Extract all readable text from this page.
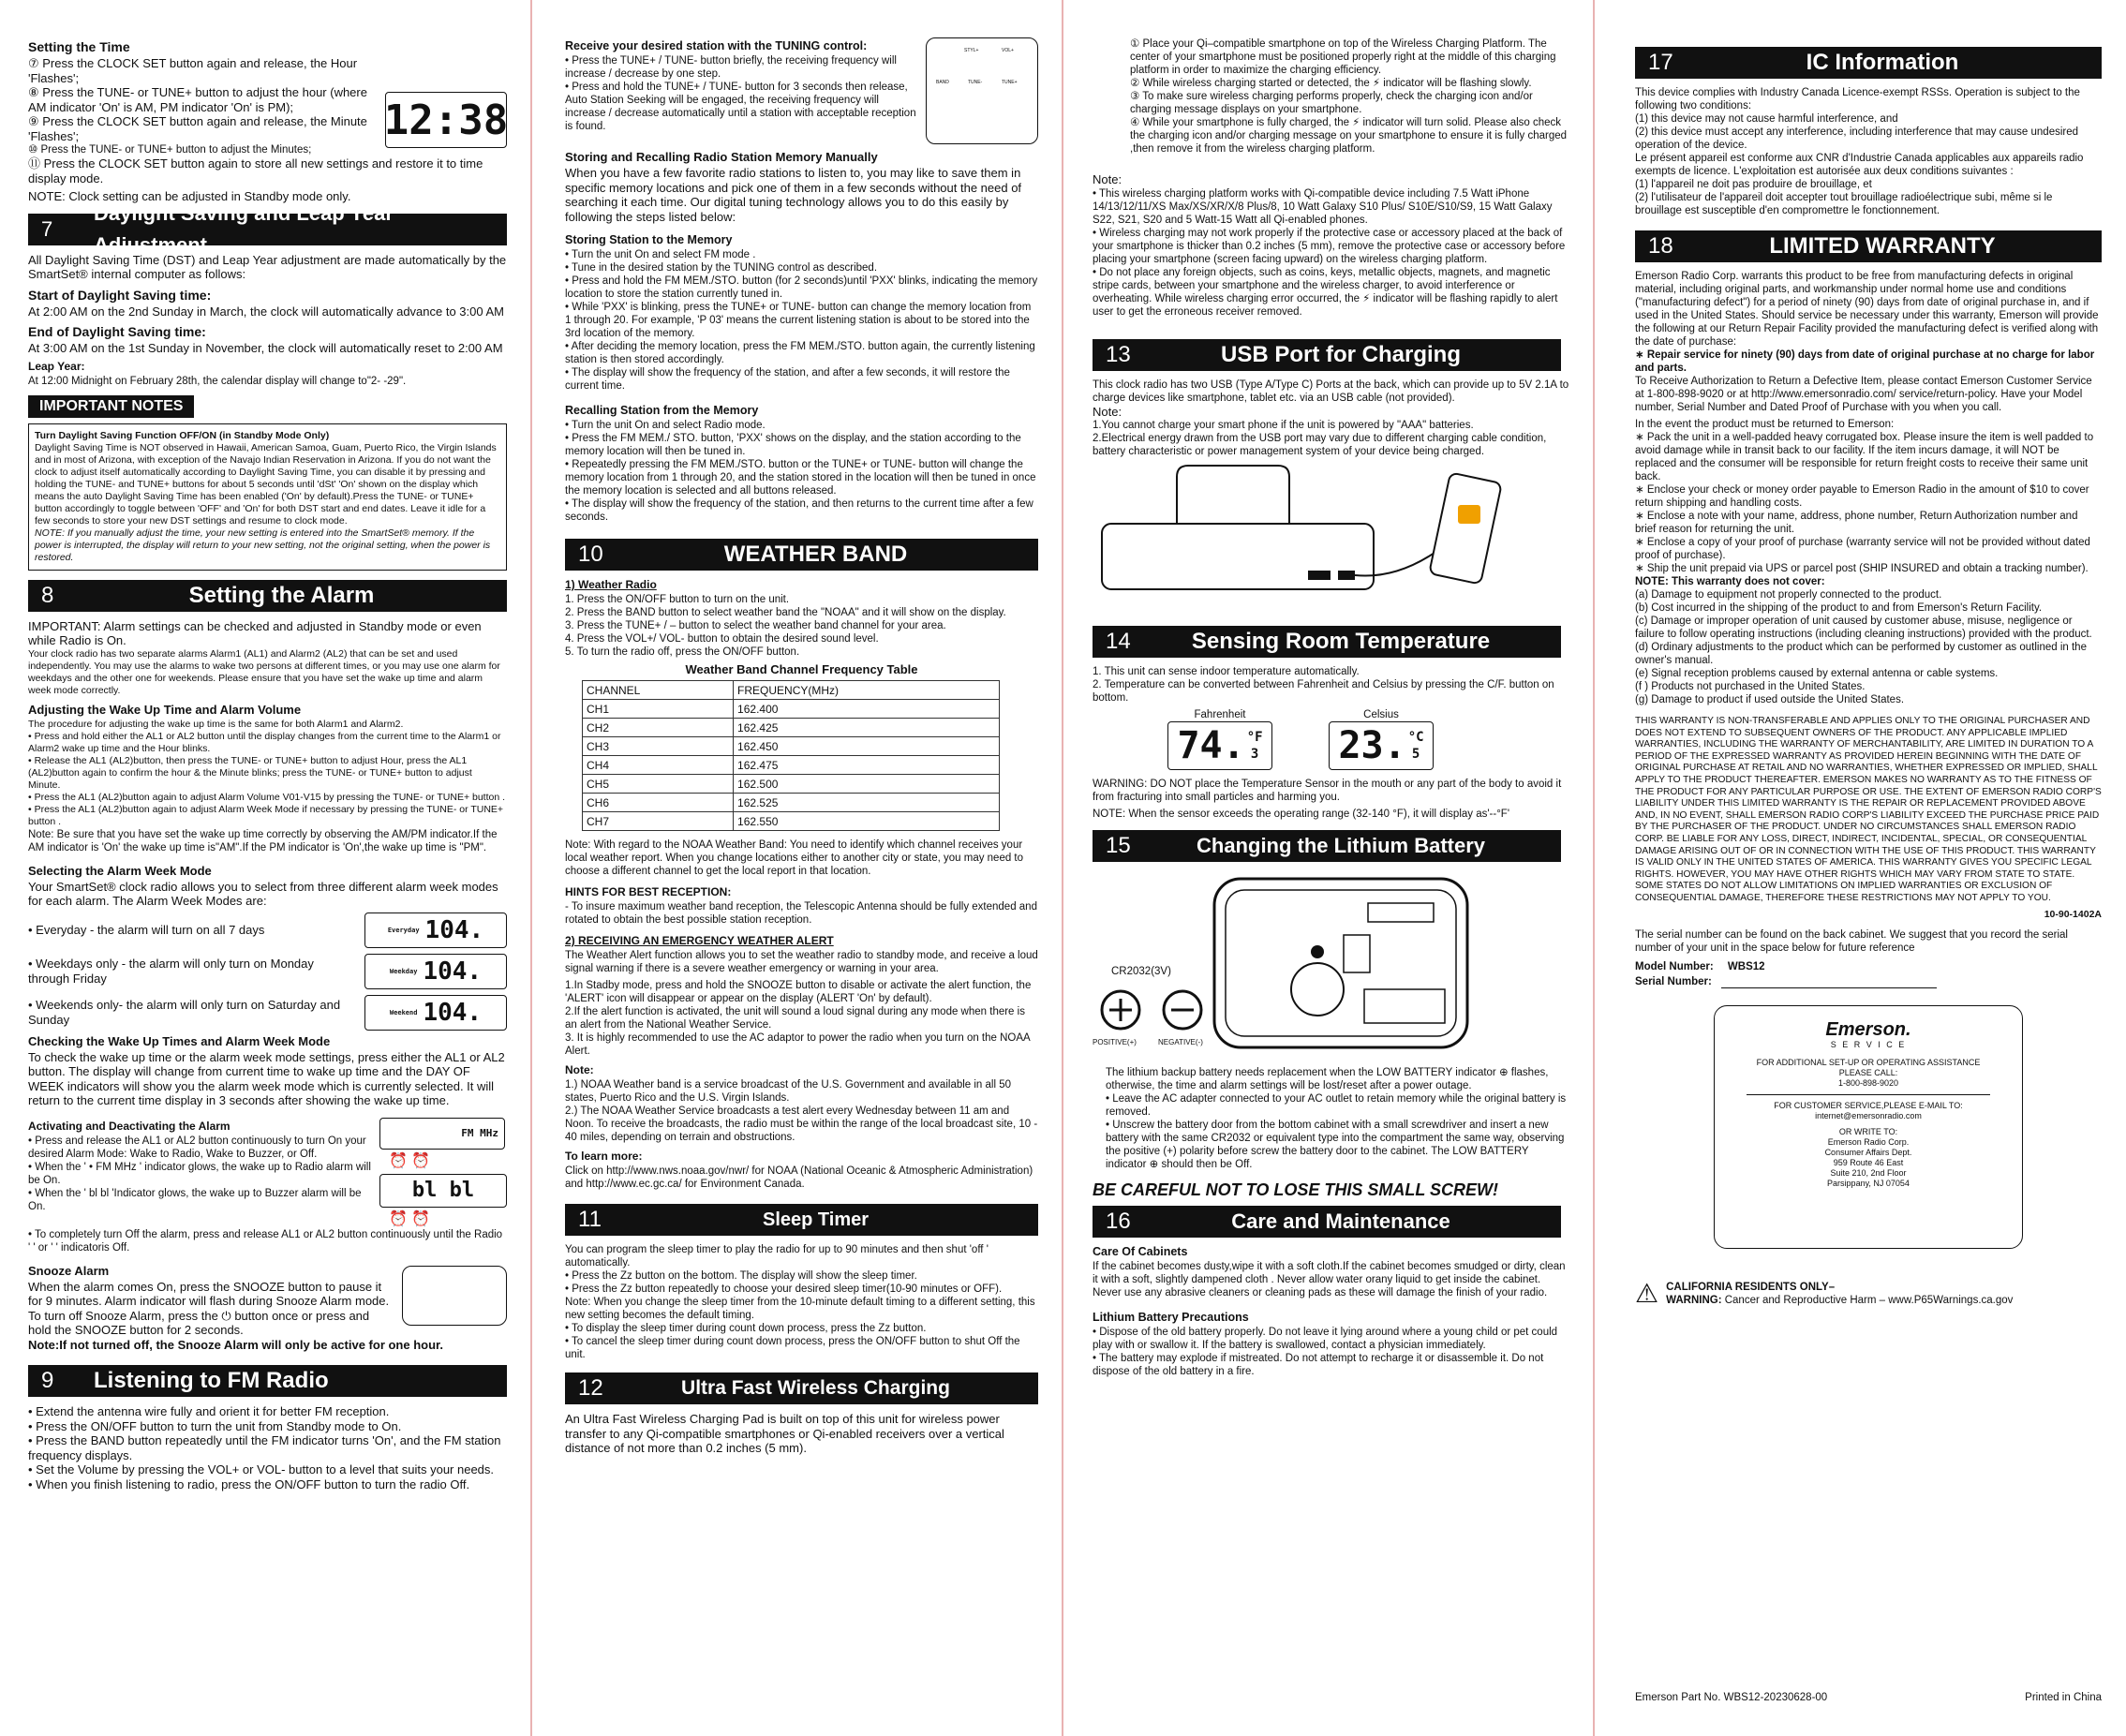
Setting the Time

⑦ Press the CLOCK SET button again and release, the Hour 'Flashes';

⑧ Press the TUNE- or TUNE+ button to adjust the hour (where AM indicator 'On' is AM, PM indicator 'On' is PM);

⑨ Press the CLOCK SET button again and release, the Minute 'Flashes';

⑩ Press the TUNE- or TUNE+ button to adjust the Minutes;

12:38

⑪ Press the CLOCK SET button again to store all new settings and restore it to time display mode.

NOTE: Clock setting can be adjusted in Standby mode only.

7
Daylight Saving and Leap Year Adjustment

All Daylight Saving Time (DST) and Leap Year adjustment are made automatically by the SmartSet® internal computer as follows:

Start of Daylight Saving time:

At 2:00 AM on the 2nd Sunday in March, the clock will automatically advance to 3:00 AM

End of Daylight Saving time:

At 3:00 AM on the 1st Sunday in November, the clock will automatically reset to 2:00 AM

Leap Year:

At 12:00 Midnight on February 28th, the calendar display will change to"2- -29".

IMPORTANT NOTES
Turn Daylight Saving Function OFF/ON (in Standby Mode Only)

Daylight Saving Time is NOT observed in Hawaii, American Samoa, Guam, Puerto Rico, the Virgin Islands and in most of Arizona, with exception of the Navajo Indian Reservation in Arizona. If you do not want the clock to adjust itself automatically according to Daylight Saving Time, you can disable it by pressing and holding the TUNE- and TUNE+ buttons for about 5 seconds until 'dSt' 'On' shown on the display which means the auto Daylight Saving Time has been enabled ('On' by default).Press the TUNE- or TUNE+ button accordingly to toggle between 'OFF' and 'On' for both DST start and end dates. Leave it idle for a few seconds to store your new DST settings and resume to clock mode.

NOTE: If you manually adjust the time, your new setting is entered into the SmartSet® memory. If the power is interrupted, the display will return to your new setting, not the original setting, when the power is restored.

8	Setting the Alarm

IMPORTANT: Alarm settings can be checked and adjusted in Standby mode or even while Radio is On.

Your clock radio has two separate alarms Alarm1 (AL1) and Alarm2 (AL2) that can be set and used independently. You may use the alarms to wake two persons at different times, or you may use one alarm for weekdays and the other one for weekends. Please ensure that you have set the wake up time and alarm week mode correctly.

Adjusting the Wake Up Time and Alarm Volume

The procedure for adjusting the wake up time is the same for both Alarm1 and Alarm2.

• Press and hold either the AL1 or AL2 button until the display changes from the current time to the Alarm1 or Alarm2 wake up time and the Hour blinks.

• Release the AL1 (AL2)button, then press the TUNE- or TUNE+ button to adjust Hour, press the AL1 (AL2)button again to confirm the hour & the Minute blinks; press the TUNE- or TUNE+ button to adjust Minute.

• Press the AL1 (AL2)button again to adjust Alarm Volume V01-V15 by pressing the TUNE- or TUNE+ button .

• Press the AL1 (AL2)button again to adjust Alarm Week Mode if necessary by pressing the TUNE- or TUNE+ button .

Note: Be sure that you have set the wake up time correctly by observing the AM/PM indicator.If the AM indicator is 'On' the wake up time is"AM".If the PM indicator is 'On',the wake up time is "PM".

Selecting the Alarm Week Mode

Your SmartSet® clock radio allows you to select from three different alarm week modes for each alarm. The Alarm Week Modes are:

• Everyday - the alarm will turn on all 7 days	Everyday 104.

• Weekdays only - the alarm will only turn on Monday through Friday	Weekday 104.

• Weekends only- the alarm will only turn on Saturday and Sunday	Weekend 104.
Checking the Wake Up Times and Alarm Week Mode

To check the wake up time or the alarm week mode settings, press either the AL1 or AL2 button. The display will change from current time to wake up time and the DAY OF WEEK indicators will show you the alarm week mode which is currently selected. It will return to the current time display in 3 seconds after showing the wake up time.

Activating and Deactivating the Alarm

• Press and release the AL1 or AL2 button continuously to turn On your desired Alarm Mode: Wake to Radio, Wake to Buzzer, or Off.

• When the ' • FM MHz ' indicator glows, the wake up to Radio alarm will be On.

• When the ' bl bl 'Indicator glows, the wake up to Buzzer alarm will be On.

FM MHz
⏰ ⏰
bl bl
⏰ ⏰

• To completely turn Off the alarm, press and release AL1 or AL2 button continuously until the Radio ' ' or ' ' indicatoris Off.

Snooze Alarm

When the alarm comes On, press the SNOOZE button to pause it for 9 minutes. Alarm indicator will flash during Snooze Alarm mode. To turn off Snooze Alarm, press the ⏻ button once or press and hold the SNOOZE button for 2 seconds.

Note:If not turned off, the Snooze Alarm will only be active for one hour.

9	Listening to FM Radio

• Extend the antenna wire fully and orient it for better FM reception.

• Press the ON/OFF button to turn the unit from Standby mode to On.

• Press the BAND button repeatedly until the FM indicator turns 'On', and the FM station frequency displays.

• Set the Volume by pressing the VOL+ or VOL- button to a level that suits your needs.

• When you finish listening to radio, press the ON/OFF button to turn the radio Off.

Receive your desired station with the TUNING control:

• Press the TUNE+ / TUNE- button briefly, the receiving frequency will increase / decrease by one step.
• Press and hold the TUNE+ / TUNE- button for 3 seconds then release, Auto Station Seeking will be engaged, the receiving frequency will increase / decrease automatically until a station with acceptable reception is found.

STYL+	VOL+
BAND	TUNE-	TUNE+
Storing and Recalling Radio Station Memory Manually

When you have a few favorite radio stations to listen to, you may like to save them in specific memory locations and pick one of them in a few seconds without the need of searching it each time. Our digital tuning technology allows you to do this easily by following the steps listed below:

Storing Station to the Memory

• Turn the unit On and select FM mode .

• Tune in the desired station by the TUNING control as described.

• Press and hold the FM MEM./STO. button (for 2 seconds)until 'PXX' blinks, indicating the memory location to store the station currently tuned in.

• While 'PXX' is blinking, press the TUNE+ or TUNE- button can change the memory location from 1 through 20. For example, 'P 03' means the current listening station is about to be stored into the 3rd location of the memory.

• After deciding the memory location, press the FM MEM./STO. button again, the currently listening station is then stored accordingly.

• The display will show the frequency of the station, and after a few seconds, it will restore the current time.

Recalling Station from the Memory

• Turn the unit On and select Radio mode.

• Press the FM MEM./ STO. button, 'PXX' shows on the display, and the station according to the memory location will then be tuned in.

• Repeatedly pressing the FM MEM./STO. button or the TUNE+ or TUNE- button will change the memory location from 1 through 20, and the station stored in the location will then be tuned in once the memory location is selected and all buttons released.

• The display will show the frequency of the station, and then returns to the current time after a few seconds.

10	WEATHER BAND
1) Weather Radio

1. Press the ON/OFF button to turn on the unit.

2. Press the BAND button to select weather band the "NOAA" and it will show on the display.

3. Press the TUNE+ / – button to select the weather band channel for your area.

4. Press the VOL+/ VOL- button to obtain the desired sound level.

5. To turn the radio off, press the ON/OFF button.

Weather Band Channel Frequency Table
CHANNEL	FREQUENCY(MHz)
CH1	162.400
CH2	162.425
CH3	162.450
CH4	162.475
CH5	162.500
CH6	162.525
CH7	162.550

Note: With regard to the NOAA Weather Band: You need to identify which channel receives your local weather report. When you change locations either to another city or state, you may need to choose a different channel to get the local report in that location.

HINTS FOR BEST RECEPTION:

- To insure maximum weather band reception, the Telescopic Antenna should be fully extended and rotated to obtain the best possible station reception.

2) RECEIVING AN EMERGENCY WEATHER ALERT

The Weather Alert function allows you to set the weather radio to standby mode, and receive a loud signal warning if there is a severe weather emergency or warning in your area.

1.In Stadby mode, press and hold the SNOOZE button to disable or activate the alert function, the 'ALERT' icon will disappear or appear on the display (ALERT 'On' by default).

2.If the alert function is activated, the unit will sound a loud signal during any mode when there is an alert from the National Weather Service.

3. It is highly recommended to use the AC adaptor to power the radio when you turn on the NOAA Alert.

Note:

1.) NOAA Weather band is a service broadcast of the U.S. Government and available in all 50 states, Puerto Rico and the U.S. Virgin Islands.

2.) The NOAA Weather Service broadcasts a test alert every Wednesday between 11 am and Noon. To receive the broadcasts, the radio must be within the range of the local broadcast site, 10 - 40 miles, depending on terrain and obstructions.

To learn more:

Click on http://www.nws.noaa.gov/nwr/ for NOAA (National Oceanic & Atmospheric Administration) and http://www.ec.gc.ca/ for Environment Canada.

11	Sleep Timer

You can program the sleep timer to play the radio for up to 90 minutes and then shut 'off ' automatically.

• Press the Zz button on the bottom. The display will show the sleep timer.

• Press the Zz button repeatedly to choose your desired sleep timer(10-90 minutes or OFF).

Note: When you change the sleep timer from the 10-minute default timing to a different setting, this new setting becomes the default timing.

• To display the sleep timer during count down process, press the Zz button.

• To cancel the sleep timer during count down process, press the ON/OFF button to shut Off the unit.

12	Ultra Fast Wireless Charging

An Ultra Fast Wireless Charging Pad is built on top of this unit for wireless power transfer to any Qi-compatible smartphones or Qi-enabled receivers over a vertical distance of not more than 0.2 inches (5 mm).

① Place your Qi–compatible smartphone on top of the Wireless Charging Platform. The center of your smartphone must be positioned properly right at the middle of this charging platform in order to maximize the charging efficiency.

② While wireless charging started or detected, the ⚡ indicator will be flashing slowly.

③ To make sure wireless charging performs properly, check the charging icon and/or charging message displays on your smartphone.

④ While your smartphone is fully charged, the ⚡ indicator will turn solid. Please also check the charging icon and/or charging message on your smartphone to ensure it is fully charged ,then remove it from the wireless charging platform.

Note:

• This wireless charging platform works with Qi-compatible device including 7.5 Watt iPhone 14/13/12/11/XS Max/XS/XR/X/8 Plus/8, 10 Watt Galaxy S10 Plus/ S10E/S10/S9, 15 Watt Galaxy S22, S21, S20 and 5 Watt-15 Watt all Qi-enabled phones.

• Wireless charging may not work properly if the protective case or accessory placed at the back of your smartphone is thicker than 0.2 inches (5 mm), remove the protective case or accessory before placing your smartphone (screen facing upward) on the wireless charging platform.

• Do not place any foreign objects, such as coins, keys, metallic objects, magnets, and magnetic stripe cards, between your smartphone and the wireless charger, to avoid interference or overheating. While wireless charging error occurred, the ⚡ indicator will be flashing rapidly to alert user to get the erroneous receiver removed.

13	USB Port for Charging

This clock radio has two USB (Type A/Type C) Ports at the back, which can provide up to 5V 2.1A to charge devices like smartphone, tablet etc. via an USB cable (not provided).

Note:

1.You cannot charge your smart phone if the unit is powered by "AAA" batteries.

2.Electrical energy drawn from the USB port may vary due to different charging cable condition, battery characteristic or power management system of your device being charged.

14	Sensing Room Temperature

1. This unit can sense indoor temperature automatically.

2. Temperature can be converted between Fahrenheit and Celsius by pressing the C/F. button on bottom.

Fahrenheit
74. °F
3
Celsius
23. °C
5

WARNING: DO NOT place the Temperature Sensor in the mouth or any part of the body to avoid it from fracturing into small particles and harming you.

NOTE: When the sensor exceeds the operating range (32-140 °F), it will display as'--°F'

15	Changing the Lithium Battery
CR2032(3V)
POSITIVE(+)	NEGATIVE(-)

The lithium backup battery needs replacement when the LOW BATTERY indicator ⊕ flashes, otherwise, the time and alarm settings will be lost/reset after a power outage.

• Leave the AC adapter connected to your AC outlet to retain memory while the original battery is removed.

• Unscrew the battery door from the bottom cabinet with a small screwdriver and insert a new battery with the same CR2032 or equivalent type into the compartment the same way, observing the positive (+) polarity before screw the battery door to the cabinet. The LOW BATTERY indicator ⊕ should then be Off.

BE CAREFUL NOT TO LOSE THIS SMALL SCREW!
16	Care and Maintenance
Care Of Cabinets

If the cabinet becomes dusty,wipe it with a soft cloth.If the cabinet becomes smudged or dirty, clean it with a soft, slightly dampened cloth . Never allow water orany liquid to get inside the cabinet. Never use any abrasive cleaners or cleaning pads as these will damage the finish of your radio.

Lithium Battery Precautions

• Dispose of the old battery properly. Do not leave it lying around where a young child or pet could play with or swallow it. If the battery is swallowed, contact a physician immediately.

• The battery may explode if mistreated. Do not attempt to recharge it or disassemble it. Do not dispose of the old battery in a fire.

17	IC Information

This device complies with Industry Canada Licence-exempt RSSs. Operation is subject to the following two conditions:
(1) this device may not cause harmful interference, and
(2) this device must accept any interference, including interference that may cause undesired operation of the device.
Le présent appareil est conforme aux CNR d'Industrie Canada applicables aux appareils radio exempts de licence. L'exploitation est autorisée aux deux conditions suivantes :
(1) l'appareil ne doit pas produire de brouillage, et
(2) l'utilisateur de l'appareil doit accepter tout brouillage radioélectrique subi, même si le brouillage est susceptible d'en compromettre le fonctionnement.

18	LIMITED WARRANTY

Emerson Radio Corp. warrants this product to be free from manufacturing defects in original material, including original parts, and workmanship under normal home use and conditions ("manufacturing defect") for a period of ninety (90) days from date of original purchase in, and if used in the United States. Should service be necessary under this warranty, Emerson will provide the following at our Return Repair Facility provided the manufacturing defect is verified along with the date of purchase:

∗ Repair service for ninety (90) days from date of original purchase at no charge for labor and parts.

To Receive Authorization to Return a Defective Item, please contact Emerson Customer Service at 1-800-898-9020 or at http://www.emersonradio.com/ service/return-policy. Have your Model number, Serial Number and Dated Proof of Purchase with you when you call.

In the event the product must be returned to Emerson:

∗ Pack the unit in a well-padded heavy corrugated box. Please insure the item is well padded to avoid damage while in transit back to our facility. If the item incurs damage, it will NOT be replaced and the consumer will be responsible for return freight costs to receive their same unit back.

∗ Enclose your check or money order payable to Emerson Radio in the amount of $10 to cover return shipping and handling costs.

∗ Enclose a note with your name, address, phone number, Return Authorization number and brief reason for returning the unit.

∗ Enclose a copy of your proof of purchase (warranty service will not be provided without dated proof of purchase).

∗ Ship the unit prepaid via UPS or parcel post (SHIP INSURED and obtain a tracking number).

NOTE: This warranty does not cover:

(a) Damage to equipment not properly connected to the product.

(b) Cost incurred in the shipping of the product to and from Emerson's Return Facility.

(c) Damage or improper operation of unit caused by customer abuse, misuse, negligence or failure to follow operating instructions (including cleaning instructions) provided with the product.

(d) Ordinary adjustments to the product which can be performed by customer as outlined in the owner's manual.

(e) Signal reception problems caused by external antenna or cable systems.

(f ) Products not purchased in the United States.

(g) Damage to product if used outside the United States.

THIS WARRANTY IS NON-TRANSFERABLE AND APPLIES ONLY TO THE ORIGINAL PURCHASER AND DOES NOT EXTEND TO SUBSEQUENT OWNERS OF THE PRODUCT. ANY APPLICABLE IMPLIED WARRANTIES, INCLUDING THE WARRANTY OF MERCHANTABILITY, ARE LIMITED IN DURATION TO A PERIOD OF THE EXPRESSED WARRANTY AS PROVIDED HEREIN BEGINNING WITH THE DATE OF ORIGINAL PURCHASE AT RETAIL AND NO WARRANTIES, WHETHER EXPRESSED OR IMPLIED, SHALL APPLY TO THE PRODUCT THEREAFTER. EMERSON MAKES NO WARRANTY AS TO THE FITNESS OF THE PRODUCT FOR ANY PARTICULAR PURPOSE OR USE. THE EXTENT OF EMERSON RADIO CORP'S LIABILITY UNDER THIS LIMITED WARRANTY IS THE REPAIR OR REPLACEMENT PROVIDED ABOVE AND, IN NO EVENT, SHALL EMERSON RADIO CORP'S LIABILITY EXCEED THE PURCHASE PRICE PAID BY THE PURCHASER OF THE PRODUCT. UNDER NO CIRCUMSTANCES SHALL EMERSON RADIO CORP. BE LIABLE FOR ANY LOSS, DIRECT, INDIRECT, INCIDENTAL, SPECIAL, OR CONSEQUENTIAL DAMAGE ARISING OUT OF OR IN CONNECTION WITH THE USE OF THIS PRODUCT. THIS WARRANTY IS VALID ONLY IN THE UNITED STATES OF AMERICA. THIS WARRANTY GIVES YOU SPECIFIC LEGAL RIGHTS. HOWEVER, YOU MAY HAVE OTHER RIGHTS WHICH MAY VARY FROM STATE TO STATE. SOME STATES DO NOT ALLOW LIMITATIONS ON IMPLIED WARRANTIES OR EXCLUSION OF CONSEQUENTIAL DAMAGE, THEREFORE THESE RESTRICTIONS MAY NOT APPLY TO YOU.

10-90-1402A

The serial number can be found on the back cabinet. We suggest that you record the serial number of your unit in the space below for future reference

Model Number: WBS12
Serial Number:
Emerson.
S E R V I C E
FOR ADDITIONAL SET-UP OR OPERATING ASSISTANCE
PLEASE CALL:
1-800-898-9020
FOR CUSTOMER SERVICE,PLEASE E-MAIL TO:
internet@emersonradio.com
OR WRITE TO:
Emerson Radio Corp.
Consumer Affairs Dept.
959 Route 46 East
Suite 210, 2nd Floor
Parsippany, NJ 07054
⚠ CALIFORNIA RESIDENTS ONLY–
WARNING: Cancer and Reproductive Harm – www.P65Warnings.ca.gov
Emerson Part No. WBS12-20230628-00	Printed in China
